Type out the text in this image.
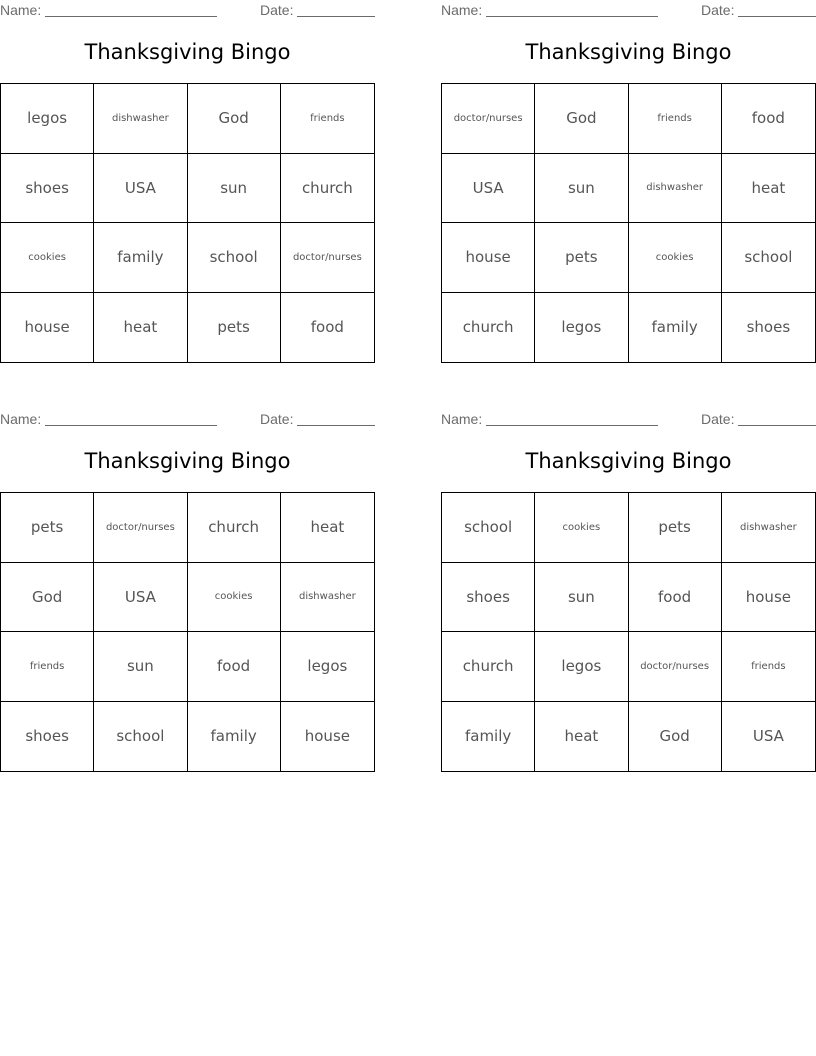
Name:	Date:
Thanksgiving Bingo
legos	dishwasher	God	friends
shoes	USA	sun	church
cookies	family	school	doctor/nurses
house	heat	pets	food
Name:	Date:
Thanksgiving Bingo
doctor/nurses	God	friends	food
USA	sun	dishwasher	heat
house	pets	cookies	school
church	legos	family	shoes
Name:	Date:
Thanksgiving Bingo
pets	doctor/nurses	church	heat
God	USA	cookies	dishwasher
friends	sun	food	legos
shoes	school	family	house
Name:	Date:
Thanksgiving Bingo
school	cookies	pets	dishwasher
shoes	sun	food	house
church	legos	doctor/nurses	friends
family	heat	God	USA
